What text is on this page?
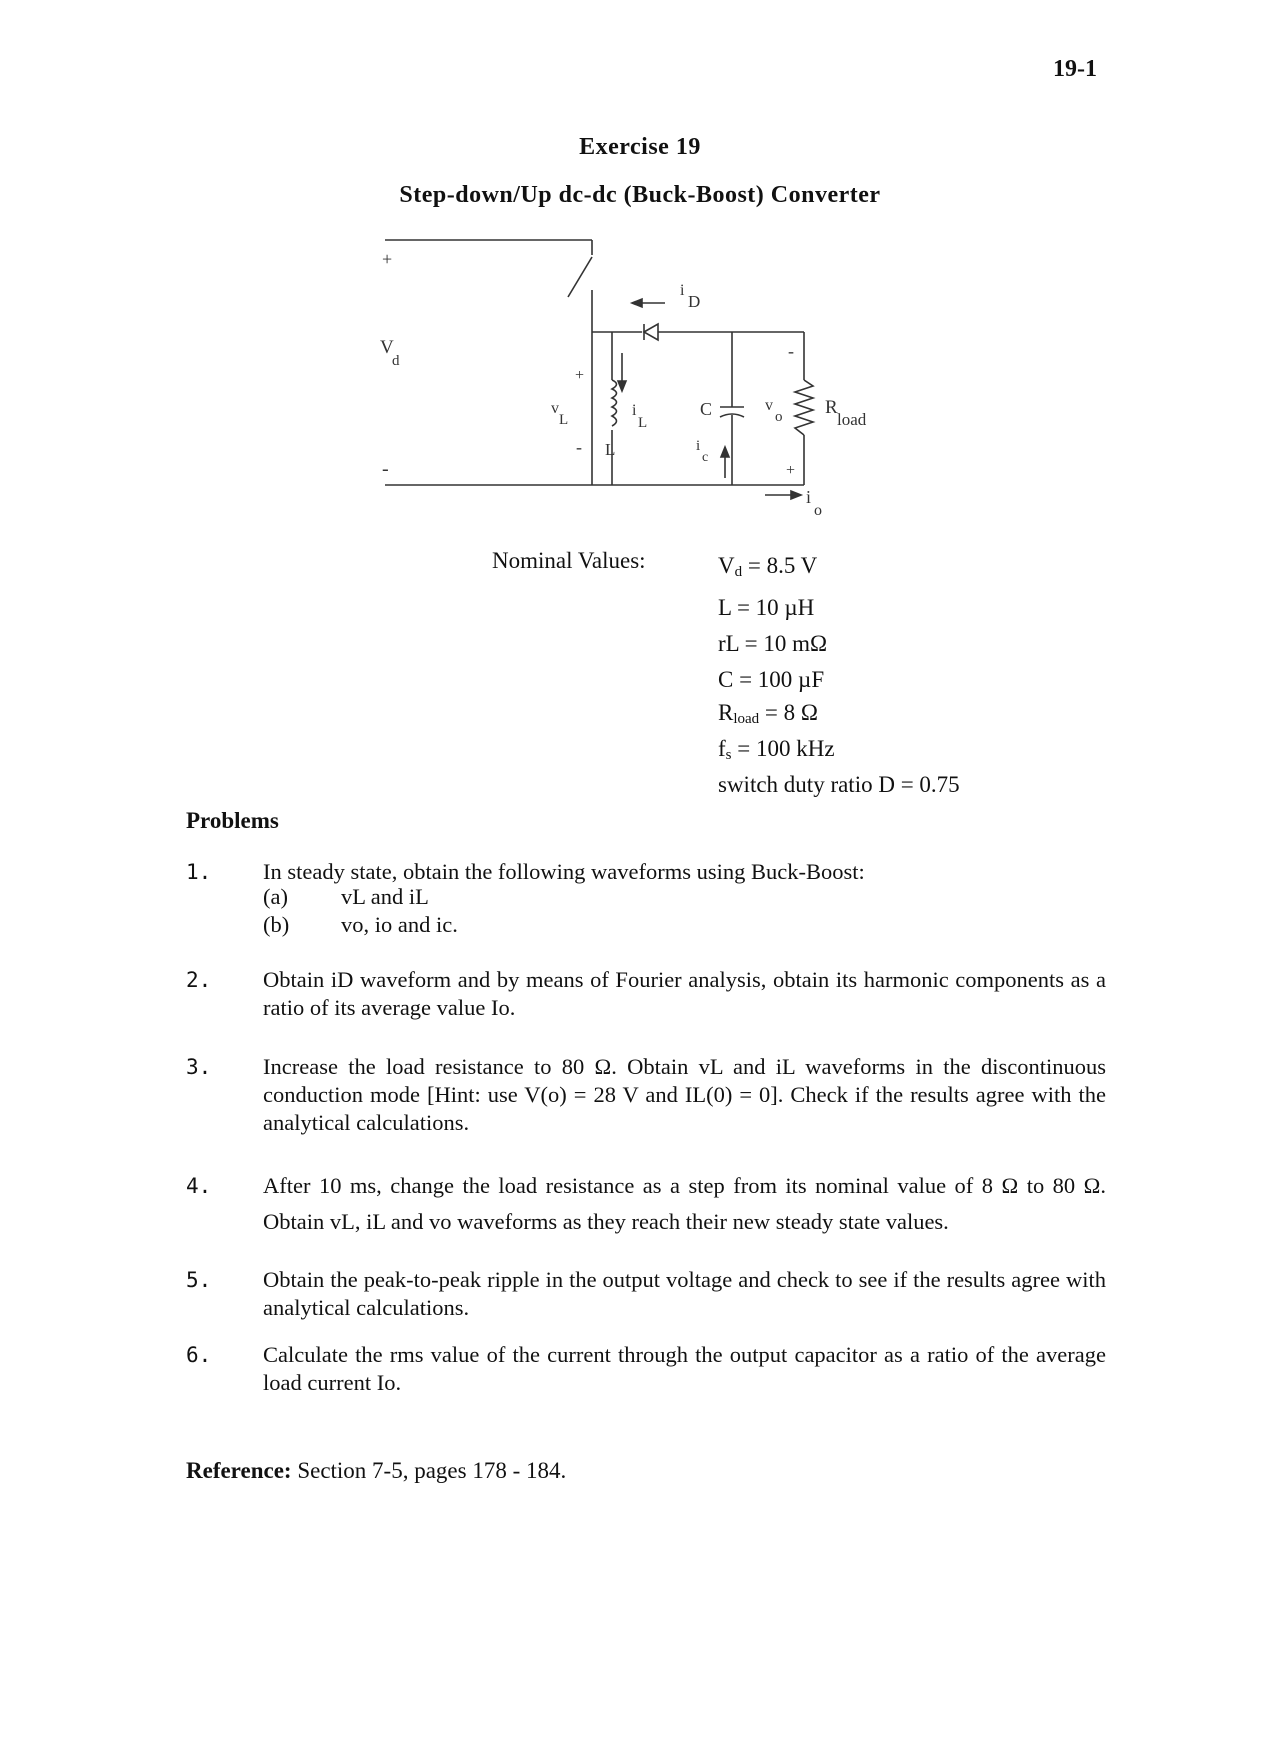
19-1
Exercise 19
Step-down/Up dc-dc (Buck-Boost) Converter
+
-
V
d
i
D
+
-
v
L
i
L
L
C
i
c
-
+
v
o R
load
i
o
Nominal Values:	$V_d = 8.5$ V
L = 10 µH
rL = 10 mΩ
C = 100 µF
$R_{load} = 8$ Ω
$f_s = 100$ kHz
switch duty ratio D = 0.75
Problems
1. In steady state, obtain the following waveforms using Buck-Boost:
(a) vL and iL
(b) vo, io and ic.
2. Obtain iD waveform and by means of Fourier analysis, obtain its harmonic components as a ratio of its average value Io.
3. Increase the load resistance to 80 Ω. Obtain vL and iL waveforms in the discontinuous conduction mode [Hint: use V(o) = 28 V and IL(0) = 0]. Check if the results agree with the analytical calculations.
4. After 10 ms, change the load resistance as a step from its nominal value of 8 Ω to 80 Ω. Obtain vL, iL and vo waveforms as they reach their new steady state values.
5. Obtain the peak-to-peak ripple in the output voltage and check to see if the results agree with analytical calculations.
6. Calculate the rms value of the current through the output capacitor as a ratio of the average load current Io.
Reference: Section 7-5, pages 178 - 184.
